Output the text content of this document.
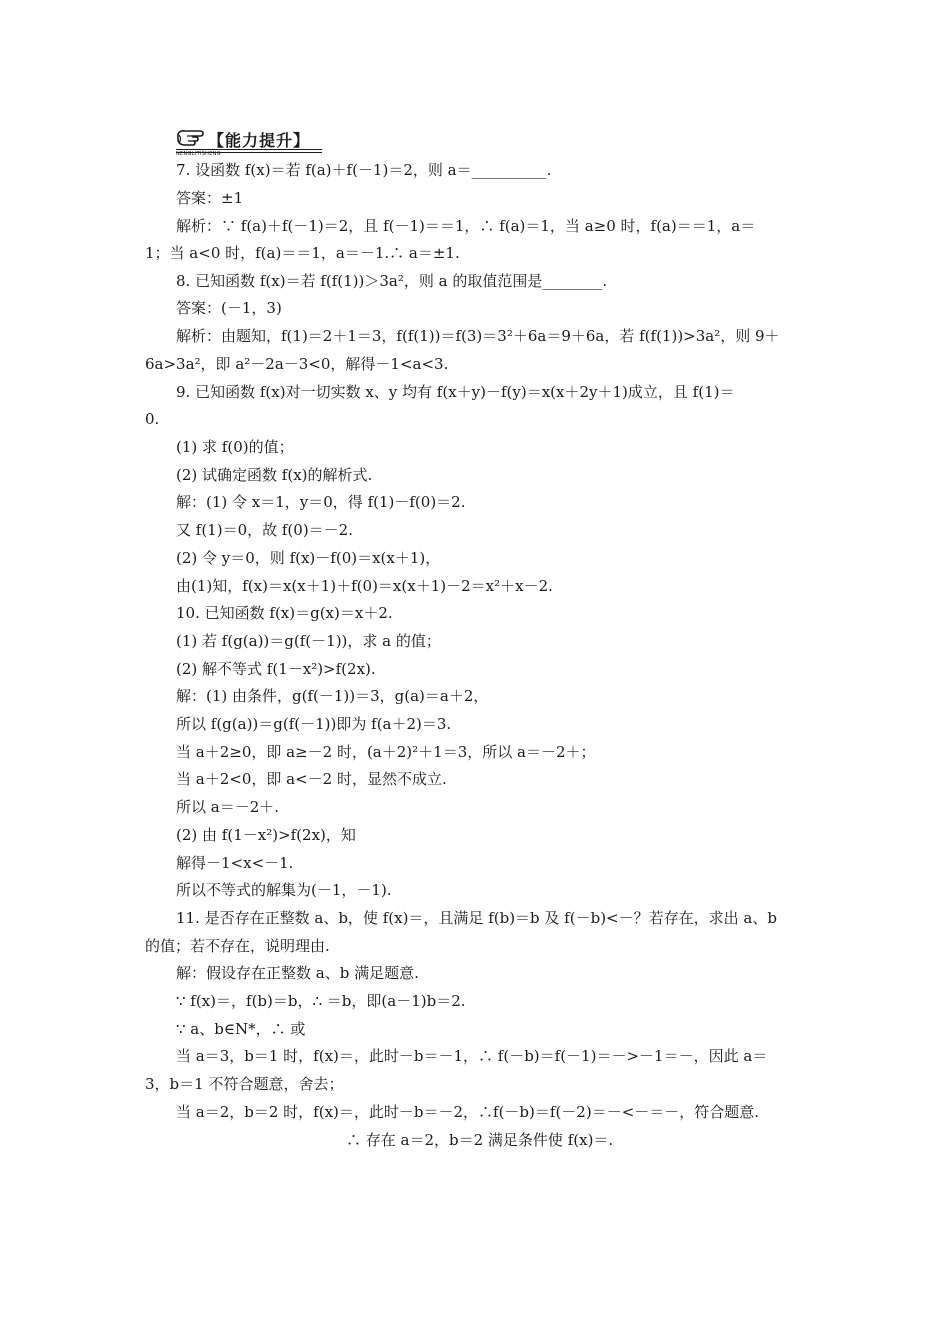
【能力提升】
NENGLITISHENG
7. 设函数 f(x)＝若 f(a)＋f(－1)＝2，则 a＝__________.
答案：±1
解析：∵ f(a)＋f(－1)＝2，且 f(－1)＝＝1，∴ f(a)＝1，当 a≥0 时，f(a)＝＝1，a＝
1；当 a<0 时，f(a)＝＝1，a＝－1.∴ a＝±1.
8. 已知函数 f(x)＝若 f(f(1))＞3a²，则 a 的取值范围是________.
答案：(－1，3)
解析：由题知，f(1)＝2＋1＝3，f(f(1))＝f(3)＝3²＋6a＝9＋6a，若 f(f(1))>3a²，则 9＋
6a>3a²，即 a²－2a－3<0，解得－1<a<3.
9. 已知函数 f(x)对一切实数 x、y 均有 f(x＋y)－f(y)＝x(x＋2y＋1)成立，且 f(1)＝
0.
(1) 求 f(0)的值；
(2) 试确定函数 f(x)的解析式.
解：(1) 令 x＝1，y＝0，得 f(1)－f(0)＝2.
又 f(1)＝0，故 f(0)＝－2.
(2) 令 y＝0，则 f(x)－f(0)＝x(x＋1)，
由(1)知，f(x)＝x(x＋1)＋f(0)＝x(x＋1)－2＝x²＋x－2.
10. 已知函数 f(x)＝g(x)＝x＋2.
(1) 若 f(g(a))＝g(f(－1))，求 a 的值；
(2) 解不等式 f(1－x²)>f(2x).
解：(1) 由条件，g(f(－1))＝3，g(a)＝a＋2，
所以 f(g(a))＝g(f(－1))即为 f(a＋2)＝3.
当 a＋2≥0，即 a≥－2 时，(a＋2)²＋1＝3，所以 a＝－2＋；
当 a＋2<0，即 a<－2 时，显然不成立.
所以 a＝－2＋.
(2) 由 f(1－x²)>f(2x)，知
解得－1<x<－1.
所以不等式的解集为(－1，－1).
11. 是否存在正整数 a、b，使 f(x)＝，且满足 f(b)＝b 及 f(－b)<－？若存在，求出 a、b
的值；若不存在，说明理由.
解：假设存在正整数 a、b 满足题意.
∵ f(x)＝，f(b)＝b，∴ ＝b，即(a－1)b＝2.
∵ a、b∈N*，∴ 或
当 a＝3，b＝1 时，f(x)＝，此时－b＝－1，∴ f(－b)＝f(－1)＝－>－1＝－，因此 a＝
3，b＝1 不符合题意，舍去；
当 a＝2，b＝2 时，f(x)＝，此时－b＝－2，∴f(－b)＝f(－2)＝－<－＝－，符合题意.
∴ 存在 a＝2，b＝2 满足条件使 f(x)＝.
